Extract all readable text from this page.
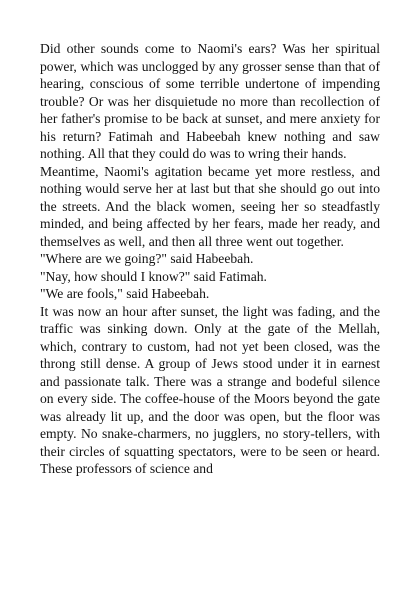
Did other sounds come to Naomi's ears? Was her spiritual power, which was unclogged by any grosser sense than that of hearing, conscious of some terrible undertone of impending trouble? Or was her disquietude no more than recollection of her father's promise to be back at sunset, and mere anxiety for his return? Fatimah and Habeebah knew nothing and saw nothing. All that they could do was to wring their hands.

Meantime, Naomi's agitation became yet more restless, and nothing would serve her at last but that she should go out into the streets. And the black women, seeing her so steadfastly minded, and being affected by her fears, made her ready, and themselves as well, and then all three went out together.

"Where are we going?" said Habeebah.

"Nay, how should I know?" said Fatimah.

"We are fools," said Habeebah.

It was now an hour after sunset, the light was fading, and the traffic was sinking down. Only at the gate of the Mellah, which, contrary to custom, had not yet been closed, was the throng still dense. A group of Jews stood under it in earnest and passionate talk. There was a strange and bodeful silence on every side. The coffee-house of the Moors beyond the gate was already lit up, and the door was open, but the floor was empty. No snake-charmers, no jugglers, no story-tellers, with their circles of squatting spectators, were to be seen or heard. These professors of science and
